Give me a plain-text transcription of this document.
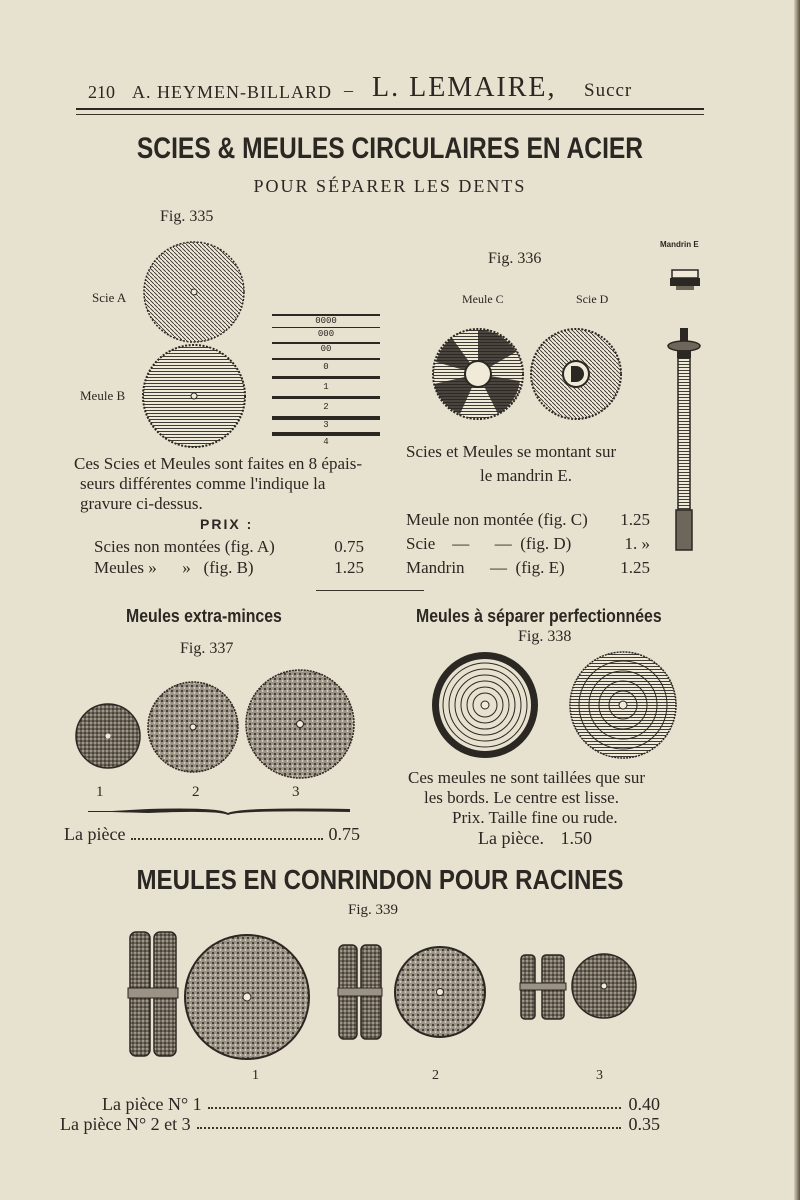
210 A. HEYMEN-BILLARD – L. LEMAIRE, Succr
SCIES & MEULES CIRCULAIRES EN ACIER
POUR SÉPARER LES DENTS
Fig. 335
Scie A
Meule B
0000
000
00
0
1
2
3
4
Ces Scies et Meules sont faites en 8 épais-
seurs différentes comme l'indique la
gravure ci-dessus.
PRIX :
Scies non montées (fig. A)	0.75
Meules »      »   (fig. B)	1.25
Fig. 336
Meule C	Scie D
Mandrin E
Scies et Meules se montant sur
le mandrin E.
Meule non montée (fig. C) 1.25
Scie    —      —  (fig. D)	1. »
Mandrin      —  (fig. E)	1.25
Meules extra-minces
Fig. 337
1	2	3
La pièce	0.75
Meules à séparer perfectionnées
Fig. 338
Ces meules ne sont taillées que sur
les bords. Le centre est lisse.
Prix. Taille fine ou rude.
La pièce. 1.50
MEULES EN CONRINDON POUR RACINES
Fig. 339
1	2	3
La pièce N° 1	0.40
La pièce N° 2 et 3	0.35
